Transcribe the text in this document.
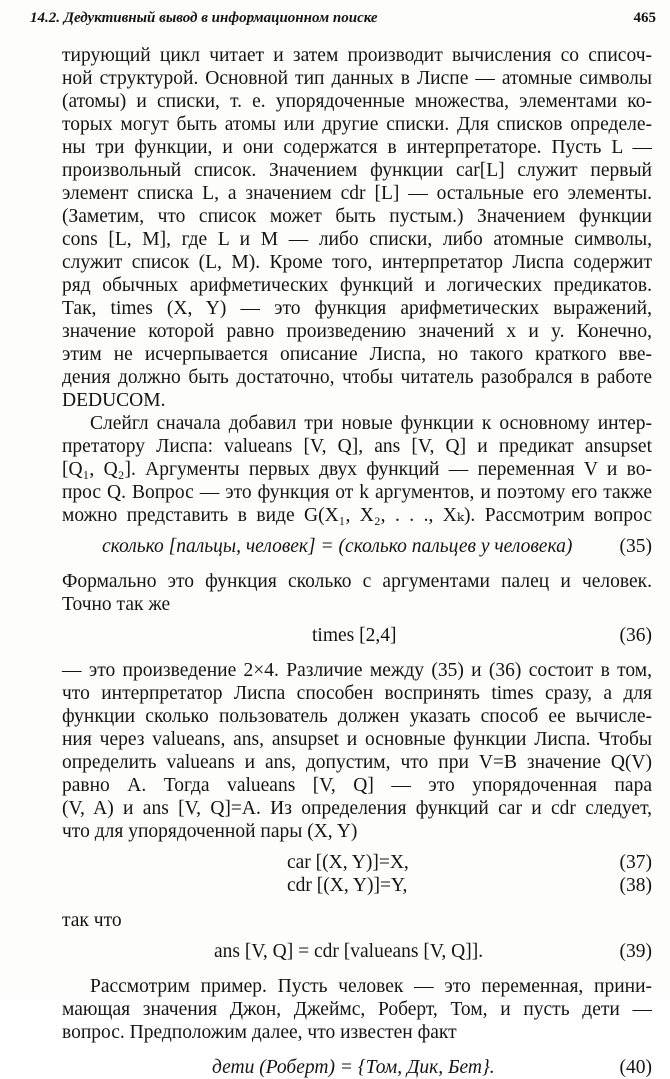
14.2. Дедуктивный вывод в информационном поиске	465
тирующий цикл читает и затем производит вычисления со списоч-
ной структурой. Основной тип данных в Лиспе — атомные символы
(атомы) и списки, т. е. упорядоченные множества, элементами ко-
торых могут быть атомы или другие списки. Для списков определе-
ны три функции, и они содержатся в интерпретаторе. Пусть L —
произвольный список. Значением функции car[L] служит первый
элемент списка L, а значением cdr [L] — остальные его элементы.
(Заметим, что список может быть пустым.) Значением функции
cons [L, M], где L и M — либо списки, либо атомные символы,
служит список (L, M). Кроме того, интерпретатор Лиспа содержит
ряд обычных арифметических функций и логических предикатов.
Так, times (X, Y) — это функция арифметических выражений,
значение которой равно произведению значений x и y. Конечно,
этим не исчерпывается описание Лиспа, но такого краткого вве-
дения должно быть достаточно, чтобы читатель разобрался в работе
DEDUCOM.
Слейгл сначала добавил три новые функции к основному интер-
претатору Лиспа: valueans [V, Q], ans [V, Q] и предикат ansupset
[Q₁, Q₂]. Аргументы первых двух функций — переменная V и во-
прос Q. Вопрос — это функция от k аргументов, и поэтому его также
можно представить в виде G(X₁, X₂, . . ., Xₖ). Рассмотрим вопрос
сколько [пальцы, человек] = (сколько пальцев у человека) (35)
Формально это функция сколько с аргументами палец и человек.
Точно так же
times [2,4]	(36)
— это произведение 2×4. Различие между (35) и (36) состоит в том,
что интерпретатор Лиспа способен воспринять times сразу, а для
функции сколько пользователь должен указать способ ее вычисле-
ния через valueans, ans, ansupset и основные функции Лиспа. Чтобы
определить valueans и ans, допустим, что при V=B значение Q(V)
равно A. Тогда valueans [V, Q] — это упорядоченная пара
(V, A) и ans [V, Q]=A. Из определения функций car и cdr следует,
что для упорядоченной пары (X, Y)
car [(X, Y)]=X,	(37)
cdr [(X, Y)]=Y,	(38)
так что
ans [V, Q] = cdr [valueans [V, Q]].	(39)
Рассмотрим пример. Пусть человек — это переменная, прини-
мающая значения Джон, Джеймс, Роберт, Том, и пусть дети —
вопрос. Предположим далее, что известен факт
дети (Роберт) = {Том, Дик, Бет}.	(40)
